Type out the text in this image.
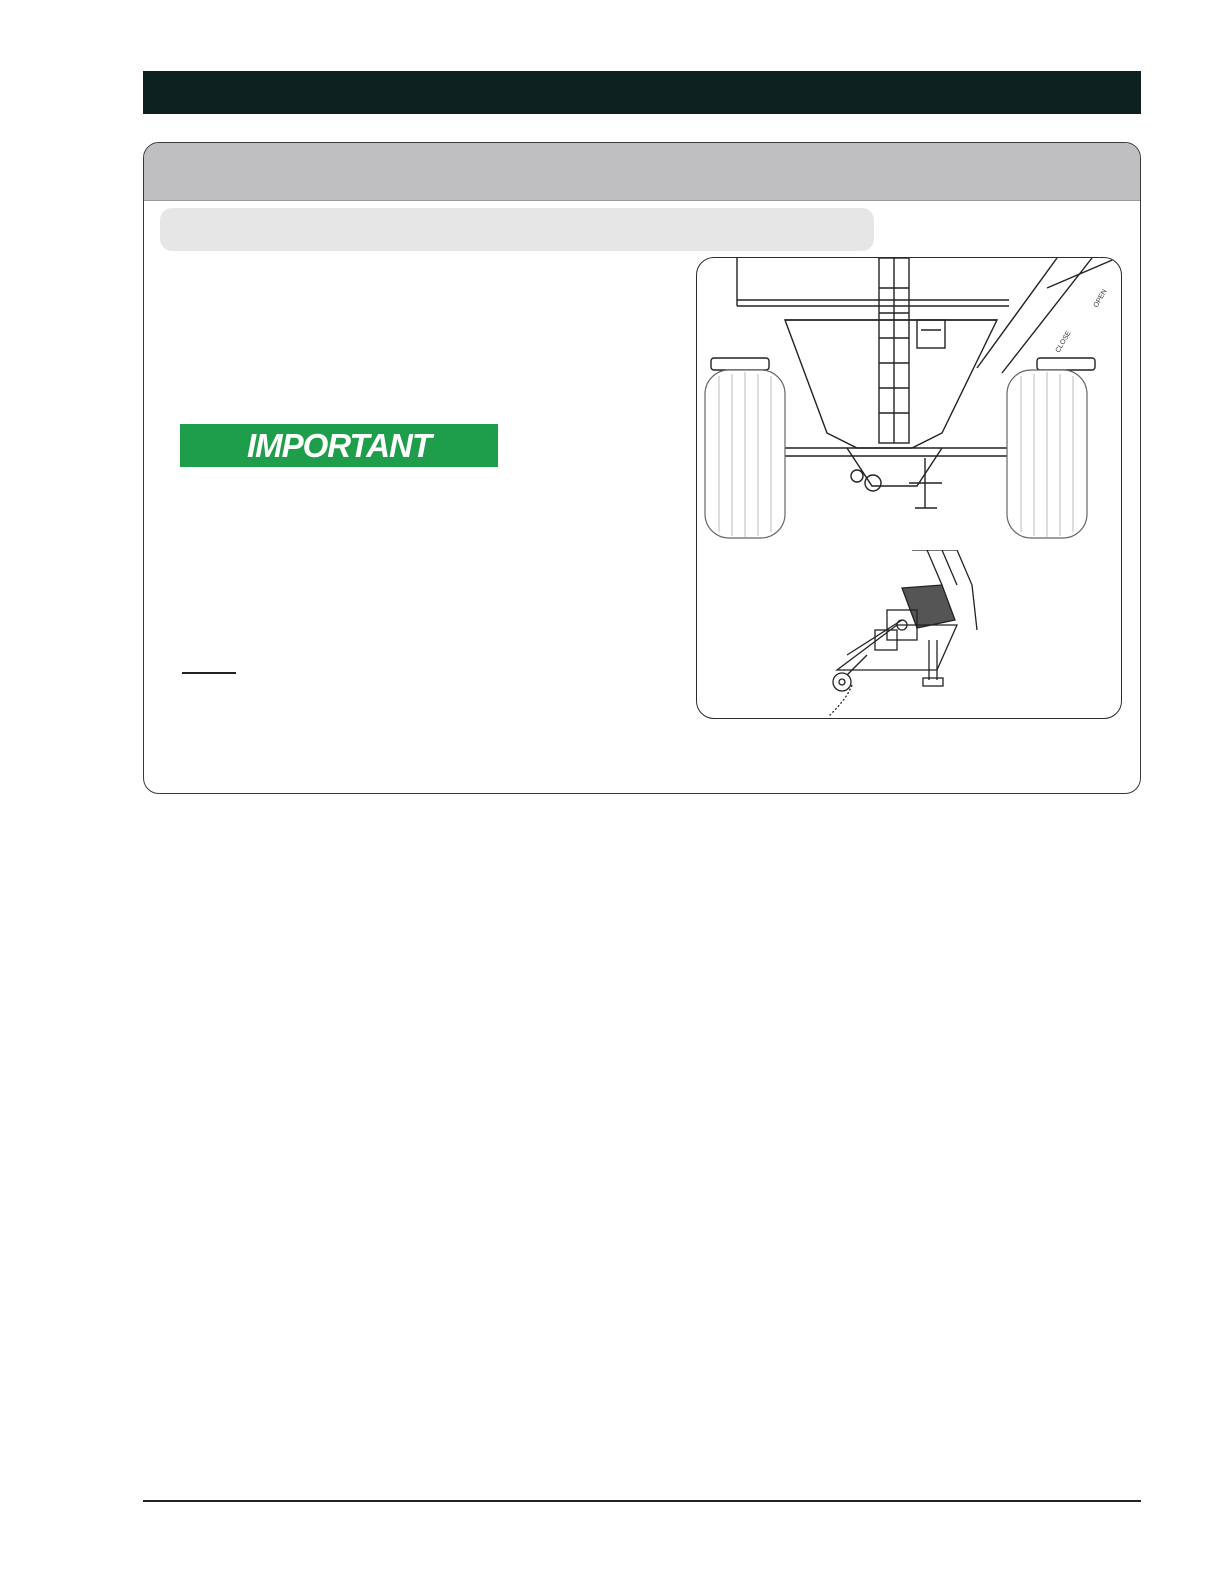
IMPORTANT
CLOSE
OPEN
